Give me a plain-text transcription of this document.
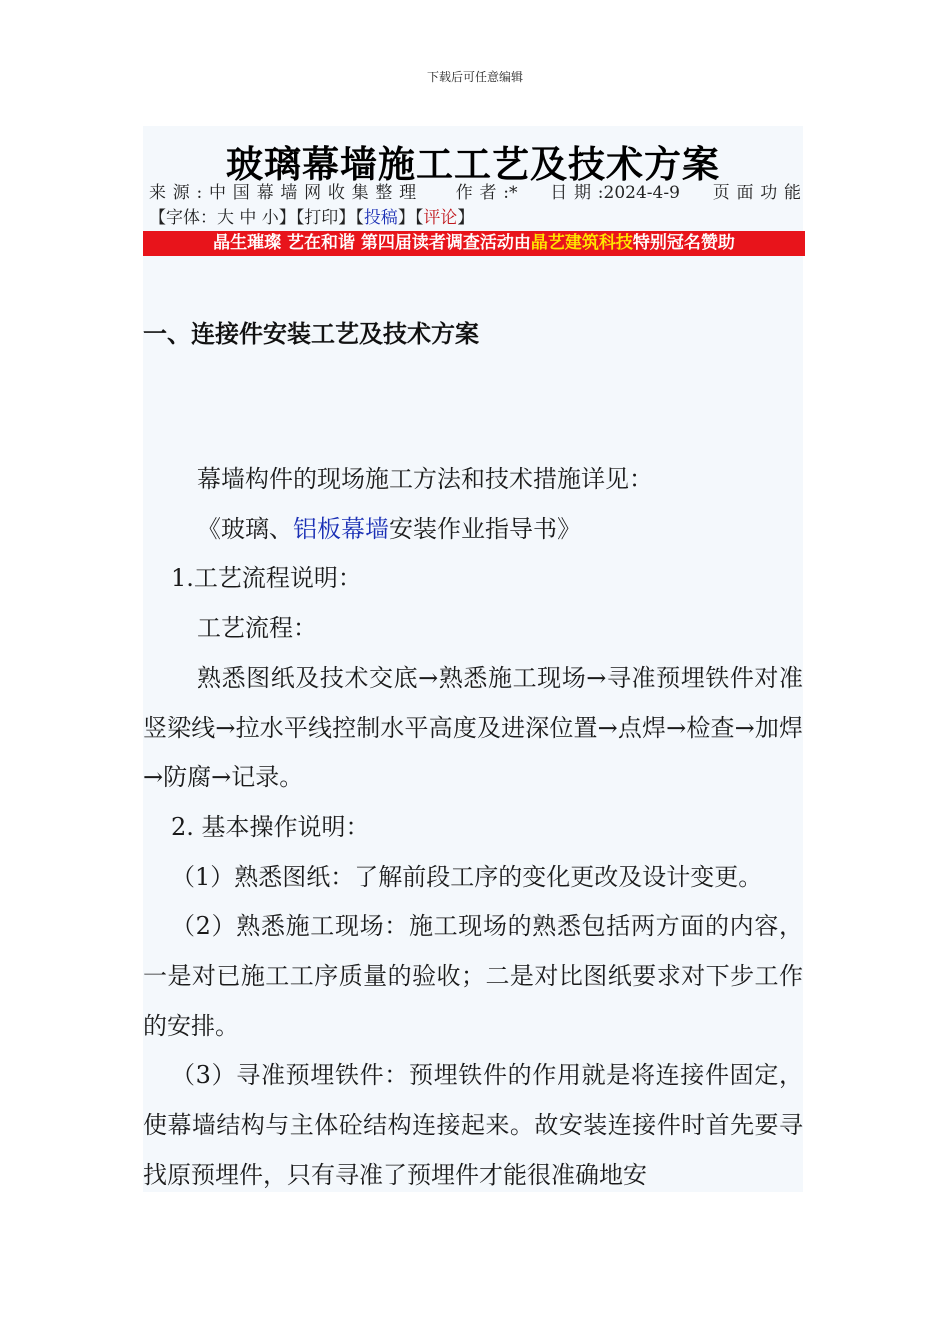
下载后可任意编辑
玻璃幕墙施工工艺及技术方案
来源:中国幕墙网收集整理 作者:* 日期:2024-4-9 页面功能 【字体：大 中 小】【打印】【投稿】【评论】
晶生璀璨 艺在和谐 第四届读者调查活动由晶艺建筑科技特别冠名赞助
一、连接件安装工艺及技术方案

幕墙构件的现场施工方法和技术措施详见：

《玻璃、铝板幕墙安装作业指导书》

1.工艺流程说明：

工艺流程：

熟悉图纸及技术交底→熟悉施工现场→寻准预埋铁件对准竖梁线→拉水平线控制水平高度及进深位置→点焊→检查→加焊→防腐→记录。

2. 基本操作说明：

（1）熟悉图纸：了解前段工序的变化更改及设计变更。

（2）熟悉施工现场：施工现场的熟悉包括两方面的内容，一是对已施工工序质量的验收；二是对比图纸要求对下步工作的安排。

（3）寻准预埋铁件：预埋铁件的作用就是将连接件固定，使幕墙结构与主体砼结构连接起来。故安装连接件时首先要寻找原预埋件，只有寻准了预埋件才能很准确地安
